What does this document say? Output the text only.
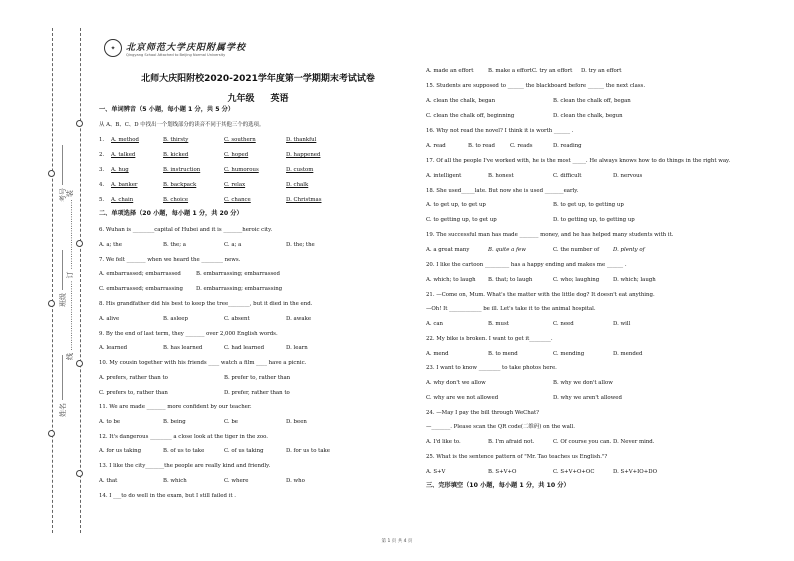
线 ………………………… 订 ………………………… 装
考号
班级
姓名
✦	北京师范大学庆阳附属学校
Qingyang School Attached to Beijing Normal University
北师大庆阳附校2020-2021学年度第一学期期末考试试卷
九年级 英语
一、单词辨音（5 小题，每小题 1 分，共 5 分）
从 A、B、C、D 中找出一个划线部分的读音不同于其他三个的选项。
1. A. method	B. thirsty	C. southern	D. thankful
2. A. talked	B. kicked	C. hoped	D. happened
3. A. hug	B. instruction	C. humorous	D. custom
4. A. banker	B. backpack	C. relax	D. chalk
5. A. chain	B. choice	C. chance	D. Christmas
二、单项选择（20 小题，每小题 1 分，共 20 分）
6. Wuhan is ________capital of Hubei and it is _______heroic city.
A. a; the	B. the; a	C. a; a	D. the; the
7. We felt _______ when we heard the ________ news.
A. embarrassed; embarrassed	B. embarrassing; embarrassed
C. embarrassed; embarrassing D. embarrassing; embarrassing
8. His grandfather did his best to keep the tree________, but it died in the end.
A. alive	B. asleep	C. absent	D. awake
9. By the end of last term, they _______ over 2,000 English words.
A. learned	B. has learned	C. had learned	D. learn
10. My cousin together with his friends ____ watch a film ____ have a picnic.
A. prefers, rather than to	B. prefer to, rather than
C. prefers to, rather than	D. prefer, rather than to
11. We are made _______ more confident by our teacher.
A. to be	B. being	C. be	D. been
12. It's dangerous ________ a close look at the tiger in the zoo.
A. for us taking	B. of us to take	C. of us taking	D. for us to take
13. I like the city_______the people are really kind and friendly.
A. that	B. which	C. where	D. who
14. I ___to do well in the exam, but I still failed it .
A. made an effort	B. make a effort C. try an effort D. try an effort
15. Students are supposed to ______ the blackboard before ______ the next class.
A. clean the chalk, began	B. clean the chalk off, began
C. clean the chalk off, beginning	D. clean the chalk, begun
16. Why not read the novel? I think it is worth ______ .
A. read	B. to read	C. reads	D. reading
17. Of all the people I've worked with, he is the most _____. He always knows how to do things in the right way.
A. intelligent	B. honest	C. difficult	D. nervous
18. She used_____late. But now she is used _______early.
A. to get up, to get up	B. to get up, to getting up
C. to getting up, to get up	D. to getting up, to getting up
19. The successful man has made _______ money, and he has helped many students with it.
A. a great many	B. quite a few	C. the number of	D. plenty of
20. I like the cartoon _________ has a happy ending and makes me ______ .
A. which; to laugh B. that; to laugh	C. who; laughing	D. which; laugh
21. —Come on, Mum. What's the matter with the little dog? It doesn't eat anything.
—Oh! It ____________ be ill. Let's take it to the animal hospital.
A. can	B. must	C. need	D. will
22. My bike is broken. I want to get it________.
A. mend	B. to mend	C. mending	D. mended
23. I want to know ________ to take photos here.
A. why don't we allow	B. why we don't allow
C. why are we not allowed	D. why we aren't allowed
24. —May I pay the bill through WeChat?
—_______. Please scan the QR code(二维码) on the wall.
A. I'd like to.	B. I'm afraid not.	C. Of course you can. D. Never mind.
25. What is the sentence pattern of "Mr. Tao teaches us English."?
A. S+V	B. S+V+O	C. S+V+O+OC	D. S+V+IO+DO
三、完形填空（10 小题，每小题 1 分，共 10 分）
第 1 页 共 4 页
